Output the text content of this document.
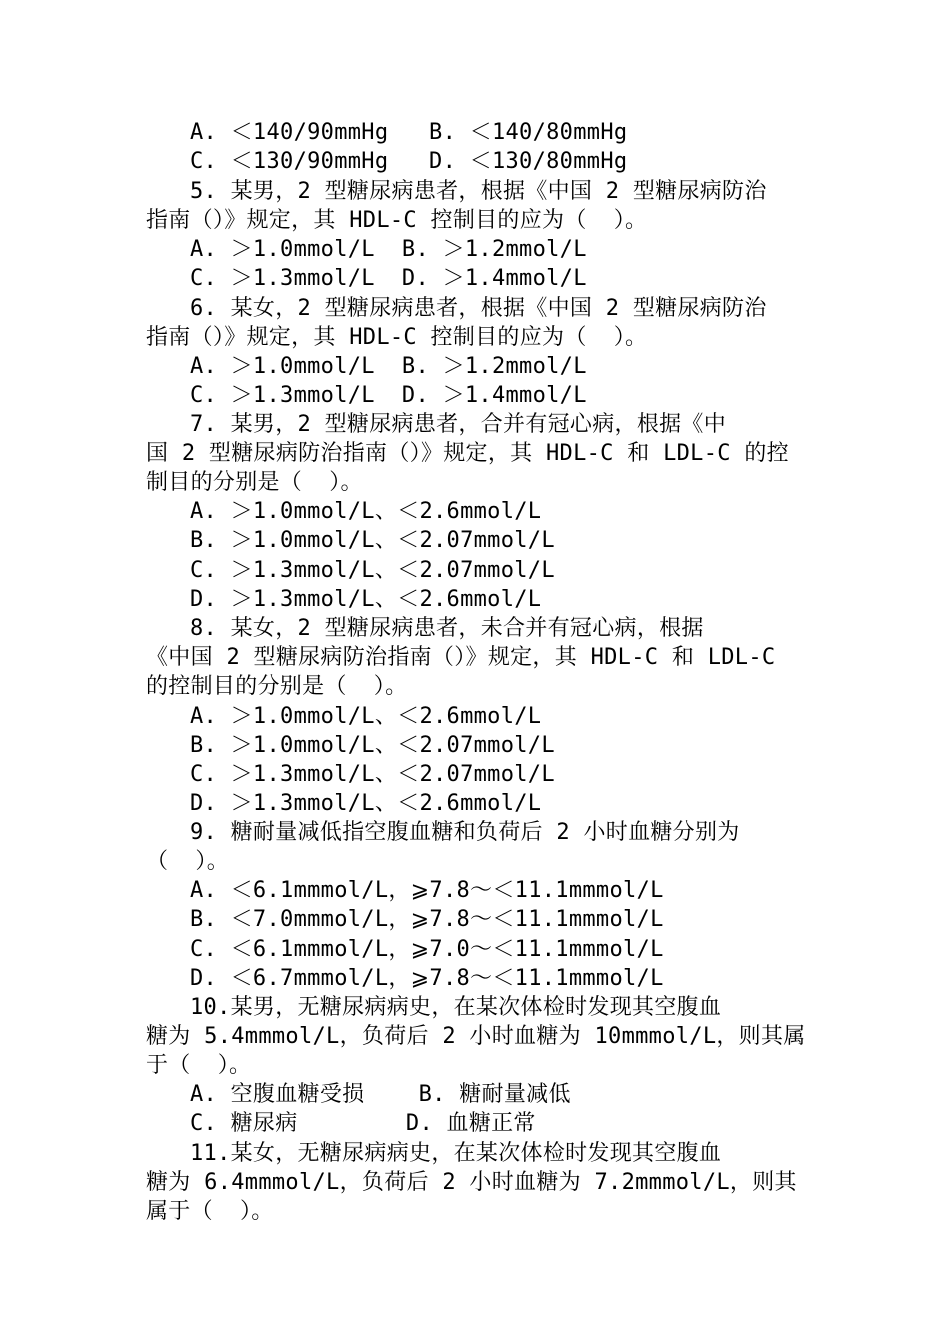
A. ＜140/90mmHg   B. ＜140/80mmHg
C. ＜130/90mmHg   D. ＜130/80mmHg
5. 某男，2 型糖尿病患者，根据《中国 2 型糖尿病防治
指南（）》规定，其 HDL-C 控制目的应为（  ）。
A. ＞1.0mmol/L  B. ＞1.2mmol/L
C. ＞1.3mmol/L  D. ＞1.4mmol/L
6. 某女，2 型糖尿病患者，根据《中国 2 型糖尿病防治
指南（）》规定，其 HDL-C 控制目的应为（  ）。
A. ＞1.0mmol/L  B. ＞1.2mmol/L
C. ＞1.3mmol/L  D. ＞1.4mmol/L
7. 某男，2 型糖尿病患者，合并有冠心病，根据《中
国 2 型糖尿病防治指南（）》规定，其 HDL-C 和 LDL-C 的控
制目的分别是（  ）。
A. ＞1.0mmol/L、＜2.6mmol/L
B. ＞1.0mmol/L、＜2.07mmol/L
C. ＞1.3mmol/L、＜2.07mmol/L
D. ＞1.3mmol/L、＜2.6mmol/L
8. 某女，2 型糖尿病患者，未合并有冠心病，根据
《中国 2 型糖尿病防治指南（）》规定，其 HDL-C 和 LDL-C
的控制目的分别是（  ）。
A. ＞1.0mmol/L、＜2.6mmol/L
B. ＞1.0mmol/L、＜2.07mmol/L
C. ＞1.3mmol/L、＜2.07mmol/L
D. ＞1.3mmol/L、＜2.6mmol/L
9. 糖耐量减低指空腹血糖和负荷后 2 小时血糖分别为
（  ）。
A. ＜6.1mmmol/L，⩾7.8～＜11.1mmmol/L
B. ＜7.0mmmol/L，⩾7.8～＜11.1mmmol/L
C. ＜6.1mmmol/L，⩾7.0～＜11.1mmmol/L
D. ＜6.7mmmol/L，⩾7.8～＜11.1mmmol/L
10.某男，无糖尿病病史，在某次体检时发现其空腹血
糖为 5.4mmmol/L，负荷后 2 小时血糖为 10mmmol/L，则其属
于（  ）。
A. 空腹血糖受损    B. 糖耐量减低
C. 糖尿病        D. 血糖正常
11.某女，无糖尿病病史，在某次体检时发现其空腹血
糖为 6.4mmmol/L，负荷后 2 小时血糖为 7.2mmmol/L，则其
属于（  ）。
